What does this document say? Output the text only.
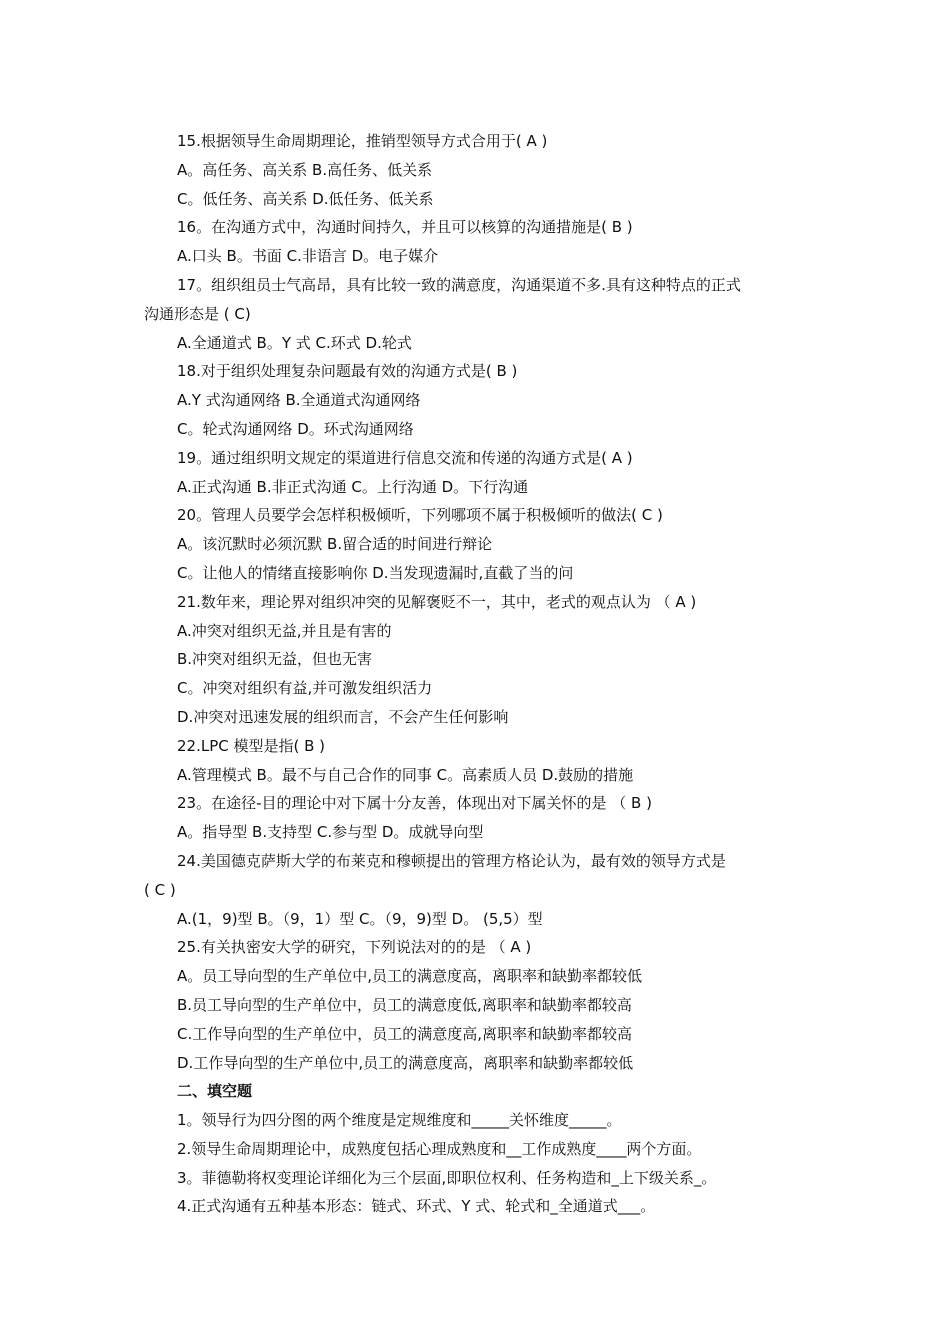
15.根据领导生命周期理论，推销型领导方式合用于( A )
A。高任务、高关系 B.高任务、低关系
C。低任务、高关系 D.低任务、低关系
16。在沟通方式中，沟通时间持久，并且可以核算的沟通措施是( B )
A.口头 B。书面 C.非语言 D。电子媒介
17。组织组员士气高昂，具有比较一致的满意度，沟通渠道不多.具有这种特点的正式
沟通形态是 ( C)
A.全通道式 B。Y 式 C.环式 D.轮式
18.对于组织处理复杂问题最有效的沟通方式是( B )
A.Y 式沟通网络 B.全通道式沟通网络
C。轮式沟通网络 D。环式沟通网络
19。通过组织明文规定的渠道进行信息交流和传递的沟通方式是( A )
A.正式沟通 B.非正式沟通 C。上行沟通 D。下行沟通
20。管理人员要学会怎样积极倾听，下列哪项不属于积极倾听的做法( C )
A。该沉默时必须沉默 B.留合适的时间进行辩论
C。让他人的情绪直接影响你 D.当发现遗漏时,直截了当的问
21.数年来，理论界对组织冲突的见解褒贬不一，其中，老式的观点认为 （ A )
A.冲突对组织无益,并且是有害的
B.冲突对组织无益，但也无害
C。冲突对组织有益,并可激发组织活力
D.冲突对迅速发展的组织而言，不会产生任何影响
22.LPC 模型是指( B )
A.管理模式 B。最不与自己合作的同事 C。高素质人员 D.鼓励的措施
23。在途径-目的理论中对下属十分友善，体现出对下属关怀的是 （ B )
A。指导型 B.支持型 C.参与型 D。成就导向型
24.美国德克萨斯大学的布莱克和穆顿提出的管理方格论认为，最有效的领导方式是
( C )
A.(1，9)型 B。（9，1）型 C。（9，9)型 D。 (5,5）型
25.有关执密安大学的研究，下列说法对的的是 （ A )
A。员工导向型的生产单位中,员工的满意度高，离职率和缺勤率都较低
B.员工导向型的生产单位中，员工的满意度低,离职率和缺勤率都较高
C.工作导向型的生产单位中，员工的满意度高,离职率和缺勤率都较高
D.工作导向型的生产单位中,员工的满意度高，离职率和缺勤率都较低
二、填空题
1。领导行为四分图的两个维度是定规维度和_____关怀维度_____。
2.领导生命周期理论中，成熟度包括心理成熟度和__工作成熟度____两个方面。
3。菲德勒将权变理论详细化为三个层面,即职位权利、任务构造和_上下级关系_。
4.正式沟通有五种基本形态：链式、环式、Y 式、轮式和_全通道式___。
